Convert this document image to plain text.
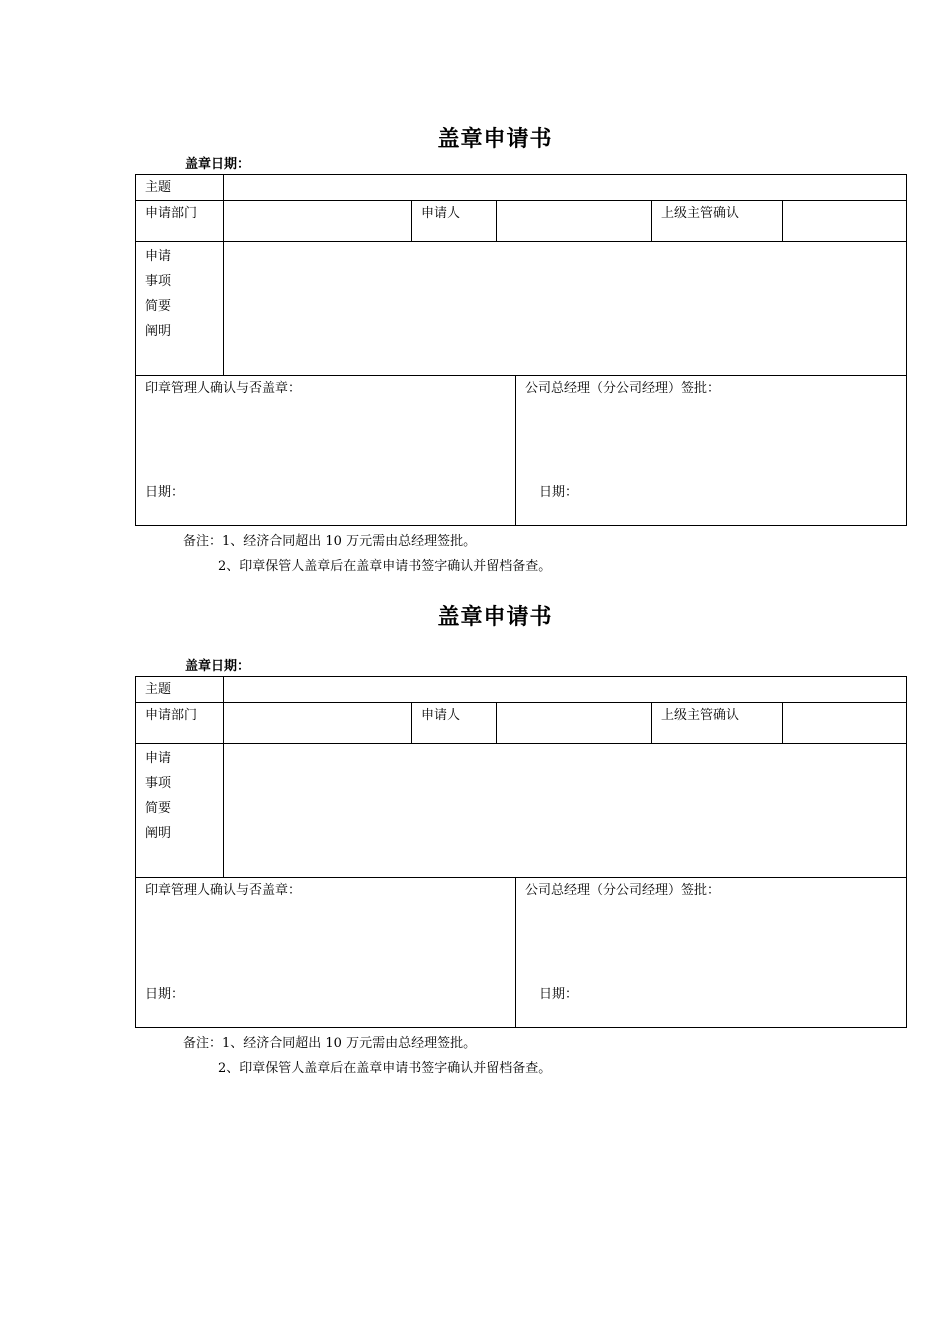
盖章申请书
盖章日期：
主题
申请部门	申请人	上级主管确认
申请
事项
简要
阐明
印章管理人确认与否盖章：
日期：
公司总经理（分公司经理）签批：
日期：
备注：1、经济合同超出 10 万元需由总经理签批。
2、印章保管人盖章后在盖章申请书签字确认并留档备查。
盖章申请书
盖章日期：
主题
申请部门	申请人	上级主管确认
申请
事项
简要
阐明
印章管理人确认与否盖章：
日期：
公司总经理（分公司经理）签批：
日期：
备注：1、经济合同超出 10 万元需由总经理签批。
2、印章保管人盖章后在盖章申请书签字确认并留档备查。
